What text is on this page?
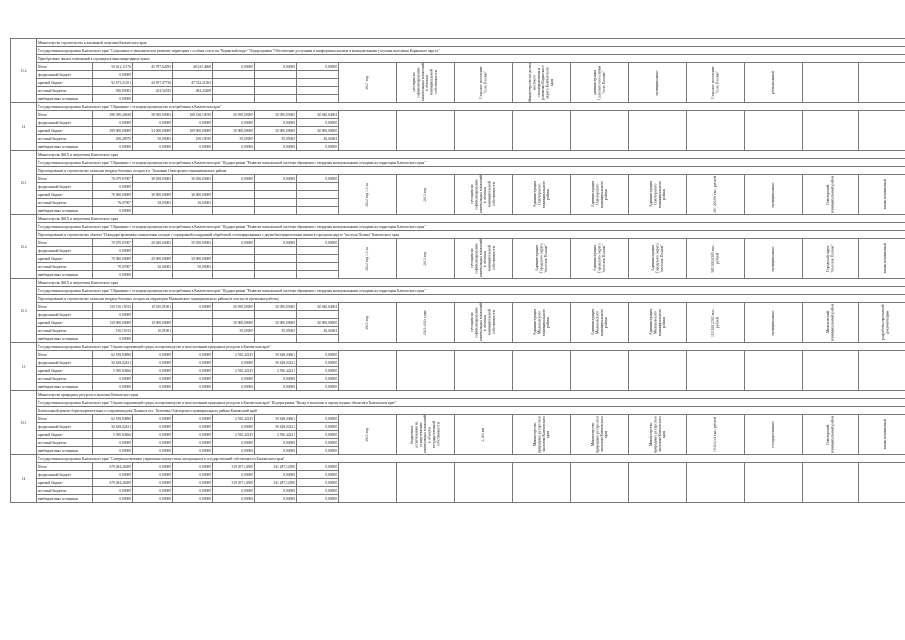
11.2	Министерство строительства и жилищной политики Камчатского края																
	Государственная программа Камчатского края "Социальное и экономическое развитие территории с особым статусом "Корякский округ" Подпрограмма "Обеспечение доступным и комфортным жильем и коммунальными услугами населения Корякского округа"																
	Приобретение жилых помещений в строящихся многоквартирных домах																
	Итого	93 612,11176	45 787,62295	48 225,4668	0,00000	0,00000	0,00000	2027 год	субсидия на софинансирование капитальных вложений в объекты муниципальной собственности	Сельское поселение "село Пахачи"	Министерство по делам местного самоуправления и развитию Корякского округа Камчатского края	администрация Сельского поселения "село Пахачи"	муниципальное	Сельское поселение "село Пахачи"	региональный		

	федеральный бюджет	0,00000															
	краевой бюджет	92 675,21101	44 957,07736	47 742,21365													
	местный бюджеты	936,85002	454,54545	482,23408													
	внебюджетные источники	0,00000															
12	Государственная программа Камчатского края "Обращение с отходами производства и потребления в Камчатском крае"																
	Итого	296 390,20638	58 050,05005	108 160,10010	50 050,05005	50 050,05005	40 040,04004										
	федеральный бюджет	0,00000	0,00000	0,00000	0,00000	0,00000	0,00000										
	краевой бюджет	290 000,00000	54 000,00000	109 000,00000	50 000,00000	50 000,00000	40 000,00000										
	местный бюджеты	290,29070	50,05005	100,10010	50,05005	50,05005	40,04004										
	внебюджетные источники	0,00000	0,00000	0,00000	0,00000	0,00000	0,00000										
12.1	Министерство ЖКХ и энергетики Камчатского края																
	Государственная программа Камчатского края "Обращение с отходами производства и потребления в Камчатском крае" Подпрограмма "Развитие комплексной системы обращения с твердыми коммунальными отходами на территории Камчатского края"																
	Проектирование и строительство полигона твердых бытовых отходов в п. Тиличики Олюторского муниципального района																
	Итого	76 079,07007	38 038,03003	36 036,03003	0,00000	0,00000	0,00000	2022 год 1,5 га	2023 год	субсидия на софинансирование капитальных вложений в объекты муниципальной собственности	Администрация Олюторского муниципального района	Администрация Олюторского муниципального района	Администрация Олюторского муниципального района	307 200,00 тыс. рублей	муниципальное	Олюторский муниципальный район	вновь начинаемый

	федеральный бюджет	0,00000															
	краевой бюджет	76 000,00000	38 000,00000	36 000,00000													
	местный бюджеты	76,07007	38,03003	36,03003													
	внебюджетные источники	0,00000															
12.2	Министерство ЖКХ и энергетики Камчатского края																
	Государственная программа Камчатского края "Обращение с отходами производства и потребления в Камчатском крае" Подпрограмма "Развитие комплексной системы обращения с твердыми коммунальными отходами на территории Камчатского края"																
	Проектирование и строительство объекта "Площадка временного накопления отходов с сортировкой и карданной обработкой, отсепарированных с двумя биотермическими ямами в городском округе "поселок Палана" Камчатского края																
	Итого	70 070,07007	20 020,02002	50 050,05005	0,00000	0,00000	0,00000	2022 год 1,5 га	2023 год	субсидия на софинансирование капитальных вложений в объекты муниципальной собственности	Администрация Городского округа "поселок Палана"	Администрация Городского округа "поселок Палана"	Администрация Городского округа "поселок Палана"	305 200,0305 тыс. рублей	муниципальное	Городской округ "поселок Палана"	вновь начинаемый

	федеральный бюджет	0,00000															
	краевой бюджет	70 000,00000	20 000,00000	50 000,00000													
	местный бюджеты	70,07007	20,02002	50,05005													
	внебюджетные источники	0,00000															
12.3	Министерство ЖКХ и энергетики Камчатского края																
	Государственная программа Камчатского края "Обращение с отходами производства и потребления в Камчатском крае" Подпрограмма "Развитие комплексной системы обращения с твердыми коммунальными отходами на территории Камчатского края"																
	Проектирование и строительство полигона твердых бытовых отходов на территории Мильковского муниципального района (в том числе проектные работы)																
	Итого	150 150,15015	10 010,01001	0,00000	50 050,05005	50 050,05005	40 040,04004	2025 год	2023-2025 годы	субсидия на софинансирование капитальных вложений в объекты муниципальной собственности	Администрация Мильковского муниципального района	Администрация Мильковского муниципального района	Администрация Мильковского муниципального района	110 200,2202 тыс. рублей	муниципальное	Мильковский муниципальный район	разработка проектной документации

	федеральный бюджет	0,00000															
	краевой бюджет	150 000,00000	10 000,00000		50 000,00000	50 000,00000	40 000,00000										
	местный бюджеты	150,15015	10,01001		50,05005	50,05005	40,04004										
	внебюджетные источники	0,00000															
13	Государственная программа Камчатского края "Охрана окружающей среды, воспроизводство и использование природных ресурсов в Камчатском крае"																
	Итого	62 558,84896	0,00000	0,00000	2 910,42235	59 648,44661	0,00000										
	федеральный бюджет	56 628,02431	0,00000	0,00000	0,00000	56 628,02431	0,00000										
	краевой бюджет	5 930,84466	0,00000	0,00000	2 910,42235	2 930,42231	0,00000										
	местный бюджеты	0,00000	0,00000	0,00000	0,00000	0,00000	0,00000										
	внебюджетные источники	0,00000	0,00000	0,00000	0,00000	0,00000	0,00000										
13.1	Министерство природных ресурсов и экологии Камчатского края																
	Государственная программа Камчатского края "Охрана окружающей среды, воспроизводство и использование природных ресурсов в Камчатском крае" Подпрограмма "Вклад в экологию и охрану водных объектов в Камчатском крае"																
	Капитальный ремонт берегоукрепительного сооружения реки Палана в пос. Тиличики Олюторского муниципального района Камчатский край																
	Итого	62 558,84896	0,00000	0,00000	2 910,42235	59 648,44661	0,00000	2025 год	бюджетные ассигнования на осуществление капитальных вложений в объекты государственной собственности	2,165 км	Министерство природных ресурсов и экологии Камчатского края	Министерство природных ресурсов и экологии Камчатского края	Министерство природных ресурсов и экологии Камчатского края	76 823,54 тыс. рублей	государственное	Олюторский муниципальный район	вновь начинаемый

	федеральный бюджет	56 628,02431	0,00000	0,00000	0,00000	56 628,02431	0,00000										
	краевой бюджет	5 930,84466	0,00000	0,00000	2 910,42235	2 930,42231	0,00000										
	местный бюджеты	0,00000	0,00000	0,00000	0,00000	0,00000	0,00000										
	внебюджетные источники	0,00000	0,00000	0,00000	0,00000	0,00000	0,00000										
14	Государственная программа Камчатского края "Совершенствование управления имуществом, находящимся в государственной собственности Камчатского края"																
	Итого	679 484,26500	0,00000	0,00000	319 297,14500	341 287,12500	0,00000										
	федеральный бюджет	0,00000	0,00000	0,00000	0,00000	0,00000	0,00000										
	краевой бюджет	679 484,26500	0,00000	0,00000	319 297,14500	341 287,12500	0,00000										
	местный бюджеты	0,00000	0,00000	0,00000	0,00000	0,00000	0,00000										
	внебюджетные источники	0,00000	0,00000	0,00000	0,00000	0,00000	0,00000										
